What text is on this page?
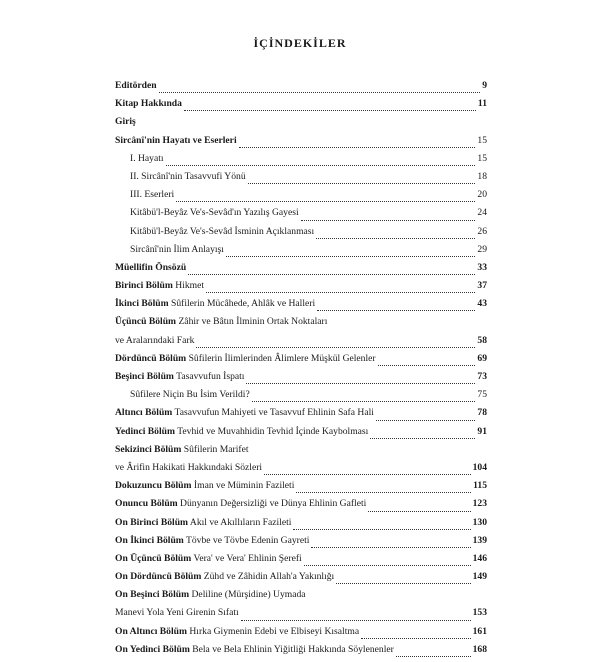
İÇİNDEKİLER
Editörden	9
Kitap Hakkında	11
Giriş
Sircânî'nin Hayatı ve Eserleri	15
I. Hayatı	15
II. Sircânî'nin Tasavvufi Yönü	18
III. Eserleri	20
Kitâbü'l-Beyâz Ve's-Sevâd'ın Yazılış Gayesi	24
Kitâbü'l-Beyâz Ve's-Sevâd İsminin Açıklanması	26
Sircânî'nin İlim Anlayışı	29
Müellifin Önsözü	33
Birinci Bölüm Hikmet	37
İkinci Bölüm Sûfilerin Mücâhede, Ahlâk ve Halleri	43
Üçüncü Bölüm Zâhir ve Bâtın İlminin Ortak Noktaları
ve Aralarındaki Fark	58
Dördüncü Bölüm Sûfilerin İlimlerinden Âlimlere Müşkül Gelenler	69
Beşinci Bölüm Tasavvufun İspatı	73
Sûfilere Niçin Bu İsim Verildi?	75
Altıncı Bölüm Tasavvufun Mahiyeti ve Tasavvuf Ehlinin Safa Hali	78
Yedinci Bölüm Tevhid ve Muvahhidin Tevhid İçinde Kaybolması	91
Sekizinci Bölüm Sûfilerin Marifet
ve Ârifin Hakikati Hakkındaki Sözleri	104
Dokuzuncu Bölüm İman ve Müminin Fazileti	115
Onuncu Bölüm Dünyanın Değersizliği ve Dünya Ehlinin Gafleti	123
On Birinci Bölüm Akıl ve Akıllıların Fazileti	130
On İkinci Bölüm Tövbe ve Tövbe Edenin Gayreti	139
On Üçüncü Bölüm Vera' ve Vera' Ehlinin Şerefi	146
On Dördüncü Bölüm Zühd ve Zâhidin Allah'a Yakınlığı	149
On Beşinci Bölüm Deliline (Mürşidine) Uymada
Manevi Yola Yeni Girenin Sıfatı	153
On Altıncı Bölüm Hırka Giymenin Edebi ve Elbiseyi Kısaltma	161
On Yedinci Bölüm Bela ve Bela Ehlinin Yiğitliği Hakkında Söylenenler	168
